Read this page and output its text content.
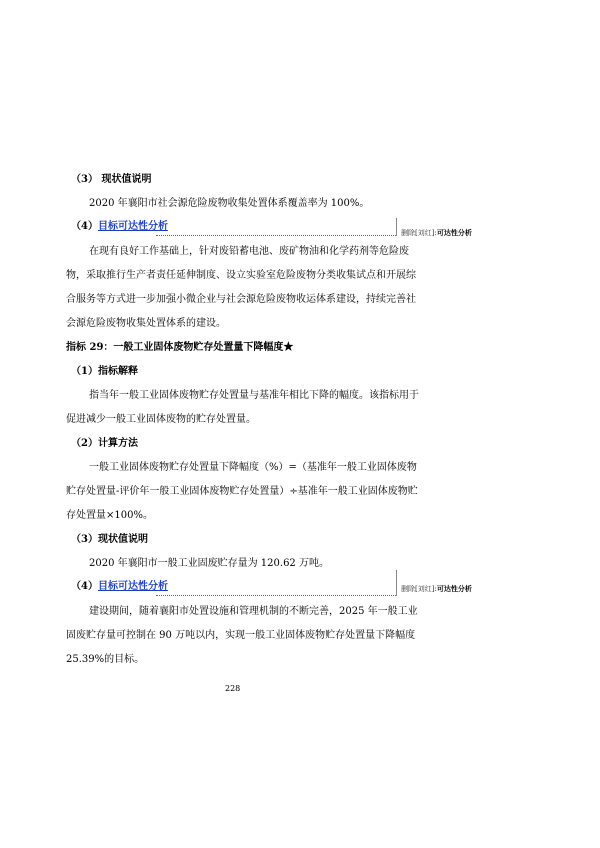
（3） 现状值说明
2020 年襄阳市社会源危险废物收集处置体系覆盖率为 100%。
（4）目标可达性分析
删除[刘红]:可达性分析
在现有良好工作基础上，针对废铅蓄电池、废矿物油和化学药剂等危险废
物，采取推行生产者责任延伸制度、设立实验室危险废物分类收集试点和开展综
合服务等方式进一步加强小微企业与社会源危险废物收运体系建设，持续完善社
会源危险废物收集处置体系的建设。
指标 29：一般工业固体废物贮存处置量下降幅度★
（1）指标解释
指当年一般工业固体废物贮存处置量与基准年相比下降的幅度。该指标用于
促进减少一般工业固体废物的贮存处置量。
（2）计算方法
一般工业固体废物贮存处置量下降幅度（%）=（基准年一般工业固体废物
贮存处置量-评价年一般工业固体废物贮存处置量）÷基准年一般工业固体废物贮
存处置量×100%。
（3）现状值说明
2020 年襄阳市一般工业固废贮存量为 120.62 万吨。
（4）目标可达性分析	删除[刘红]:可达性分析
建设期间，随着襄阳市处置设施和管理机制的不断完善，2025 年一般工业
固废贮存量可控制在 90 万吨以内，实现一般工业固体废物贮存处置量下降幅度
25.39%的目标。
228
